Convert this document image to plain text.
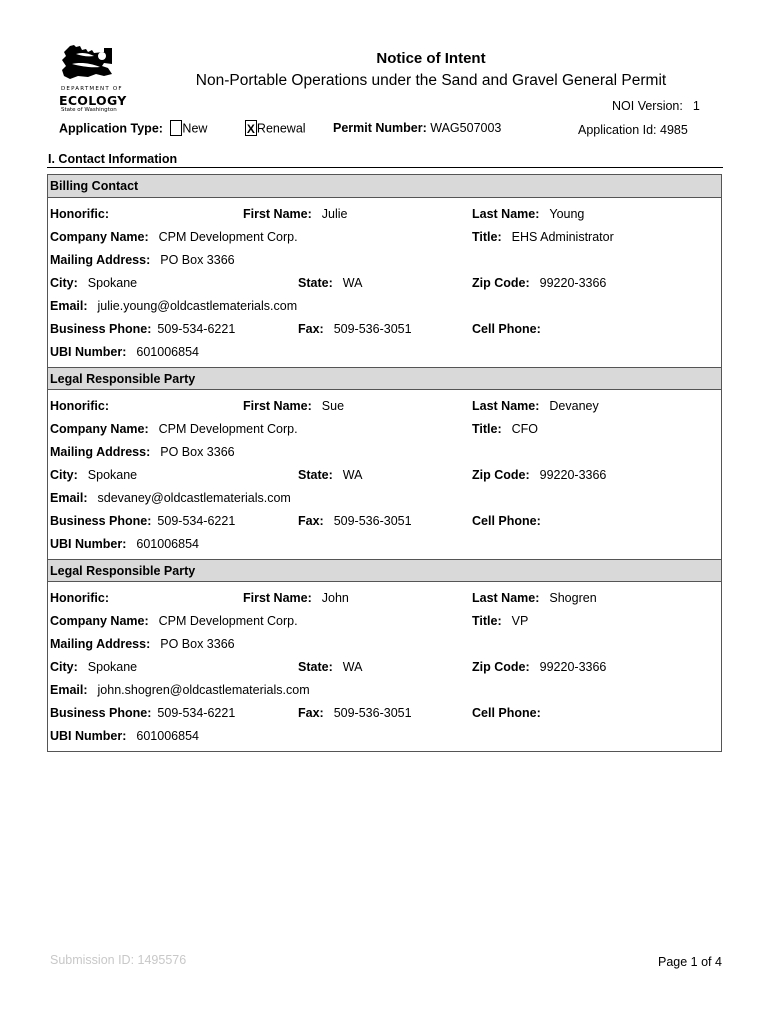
DEPARTMENT OF
ECOLOGY
State of Washington
Notice of Intent
Non-Portable Operations under the Sand and Gravel General Permit
NOI Version: 1
Application Type: New	X Renewal Permit Number: WAG507003	Application Id: 4985
I. Contact Information
Billing Contact
Honorific:	First Name: Julie	Last Name: Young
Company Name: CPM Development Corp.	Title: EHS Administrator
Mailing Address: PO Box 3366
City: Spokane	State: WA	Zip Code: 99220-3366
Email: julie.young@oldcastlematerials.com
Business Phone: 509-534-6221	Fax: 509-536-3051	Cell Phone:
UBI Number: 601006854
Legal Responsible Party
Honorific:	First Name: Sue	Last Name: Devaney
Company Name: CPM Development Corp.	Title: CFO
Mailing Address: PO Box 3366
City: Spokane	State: WA	Zip Code: 99220-3366
Email: sdevaney@oldcastlematerials.com
Business Phone: 509-534-6221	Fax: 509-536-3051	Cell Phone:
UBI Number: 601006854
Legal Responsible Party
Honorific:	First Name: John	Last Name: Shogren
Company Name: CPM Development Corp.	Title: VP
Mailing Address: PO Box 3366
City: Spokane	State: WA	Zip Code: 99220-3366
Email: john.shogren@oldcastlematerials.com
Business Phone: 509-534-6221	Fax: 509-536-3051	Cell Phone:
UBI Number: 601006854
Submission ID: 1495576	Page 1 of 4
